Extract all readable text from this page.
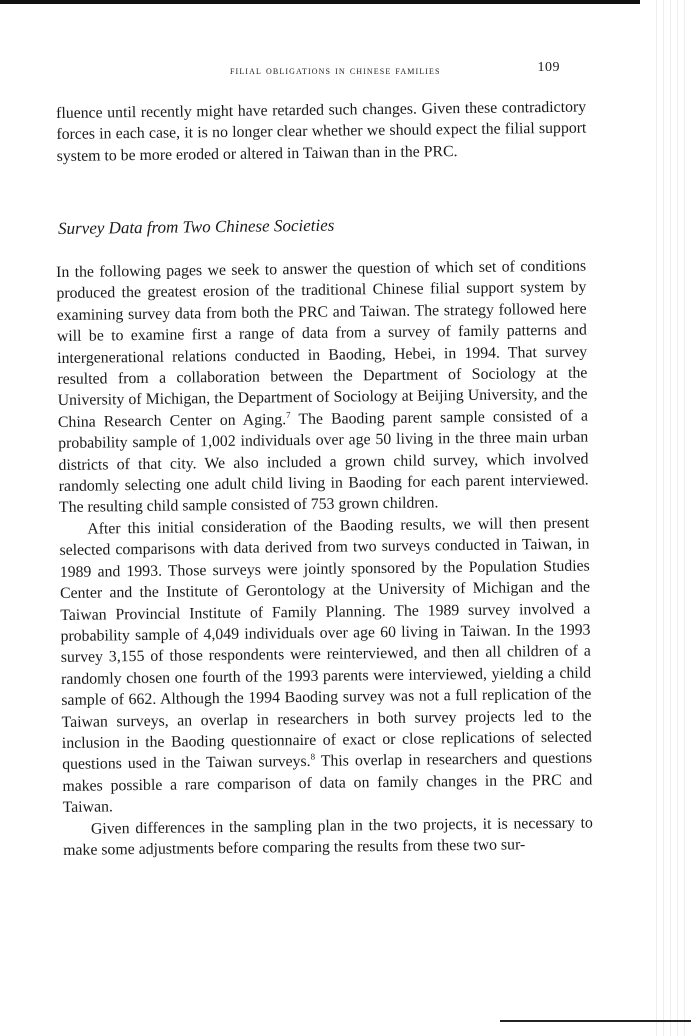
filial obligations in chinese families	109

fluence until recently might have retarded such changes. Given these contradictory forces in each case, it is no longer clear whether we should expect the filial support system to be more eroded or altered in Taiwan than in the PRC.

Survey Data from Two Chinese Societies

In the following pages we seek to answer the question of which set of conditions produced the greatest erosion of the traditional Chinese filial support system by examining survey data from both the PRC and Taiwan. The strategy followed here will be to examine first a range of data from a survey of family patterns and intergenerational relations conducted in Baoding, Hebei, in 1994. That survey resulted from a collaboration between the Department of Sociology at the University of Michigan, the Department of Sociology at Beijing University, and the China Research Center on Aging.$^7$ The Baoding parent sample consisted of a probability sample of 1,002 individuals over age 50 living in the three main urban districts of that city. We also included a grown child survey, which involved randomly selecting one adult child living in Baoding for each parent interviewed. The resulting child sample consisted of 753 grown children.

After this initial consideration of the Baoding results, we will then present selected comparisons with data derived from two surveys conducted in Taiwan, in 1989 and 1993. Those surveys were jointly sponsored by the Population Studies Center and the Institute of Gerontology at the University of Michigan and the Taiwan Provincial Institute of Family Planning. The 1989 survey involved a probability sample of 4,049 individuals over age 60 living in Taiwan. In the 1993 survey 3,155 of those respondents were reinterviewed, and then all children of a randomly chosen one fourth of the 1993 parents were interviewed, yielding a child sample of 662. Although the 1994 Baoding survey was not a full replication of the Taiwan surveys, an overlap in researchers in both survey projects led to the inclusion in the Baoding questionnaire of exact or close replications of selected questions used in the Taiwan surveys.$^8$ This overlap in researchers and questions makes possible a rare comparison of data on family changes in the PRC and Taiwan.

Given differences in the sampling plan in the two projects, it is necessary to make some adjustments before comparing the results from these two sur-
